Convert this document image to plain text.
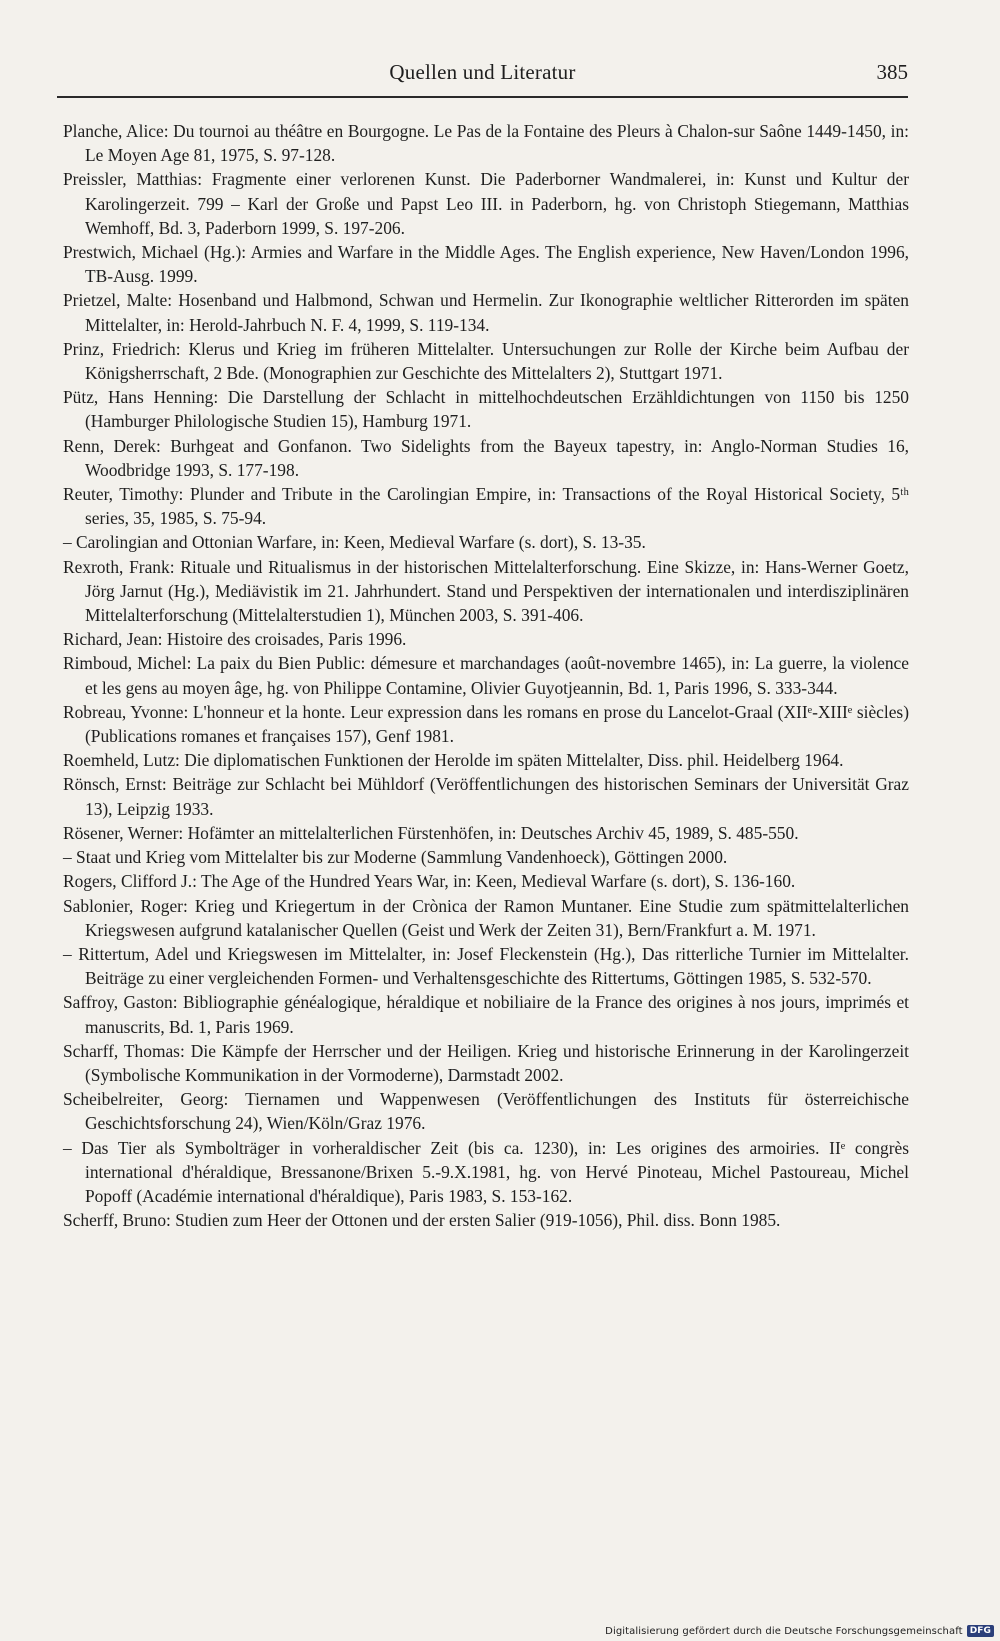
Quellen und Literatur	385

Planche, Alice: Du tournoi au théâtre en Bourgogne. Le Pas de la Fontaine des Pleurs à Chalon-sur Saône 1449-1450, in: Le Moyen Age 81, 1975, S. 97-128.

Preissler, Matthias: Fragmente einer verlorenen Kunst. Die Paderborner Wandmalerei, in: Kunst und Kultur der Karolingerzeit. 799 – Karl der Große und Papst Leo III. in Paderborn, hg. von Christoph Stiegemann, Matthias Wemhoff, Bd. 3, Paderborn 1999, S. 197-206.

Prestwich, Michael (Hg.): Armies and Warfare in the Middle Ages. The English experience, New Haven/London 1996, TB-Ausg. 1999.

Prietzel, Malte: Hosenband und Halbmond, Schwan und Hermelin. Zur Ikonographie weltlicher Ritterorden im späten Mittelalter, in: Herold-Jahrbuch N. F. 4, 1999, S. 119-134.

Prinz, Friedrich: Klerus und Krieg im früheren Mittelalter. Untersuchungen zur Rolle der Kirche beim Aufbau der Königsherrschaft, 2 Bde. (Monographien zur Geschichte des Mittelalters 2), Stuttgart 1971.

Pütz, Hans Henning: Die Darstellung der Schlacht in mittelhochdeutschen Erzähldichtungen von 1150 bis 1250 (Hamburger Philologische Studien 15), Hamburg 1971.

Renn, Derek: Burhgeat and Gonfanon. Two Sidelights from the Bayeux tapestry, in: Anglo-Norman Studies 16, Woodbridge 1993, S. 177-198.

Reuter, Timothy: Plunder and Tribute in the Carolingian Empire, in: Transactions of the Royal Historical Society, 5ᵗʰ series, 35, 1985, S. 75-94.

– Carolingian and Ottonian Warfare, in: Keen, Medieval Warfare (s. dort), S. 13-35.

Rexroth, Frank: Rituale und Ritualismus in der historischen Mittelalterforschung. Eine Skizze, in: Hans-Werner Goetz, Jörg Jarnut (Hg.), Mediävistik im 21. Jahrhundert. Stand und Perspektiven der internationalen und interdisziplinären Mittelalterforschung (Mittelalterstudien 1), München 2003, S. 391-406.

Richard, Jean: Histoire des croisades, Paris 1996.

Rimboud, Michel: La paix du Bien Public: démesure et marchandages (août-novembre 1465), in: La guerre, la violence et les gens au moyen âge, hg. von Philippe Contamine, Olivier Guyotjeannin, Bd. 1, Paris 1996, S. 333-344.

Robreau, Yvonne: L'honneur et la honte. Leur expression dans les romans en prose du Lancelot-Graal (XIIᵉ-XIIIᵉ siècles) (Publications romanes et françaises 157), Genf 1981.

Roemheld, Lutz: Die diplomatischen Funktionen der Herolde im späten Mittelalter, Diss. phil. Heidelberg 1964.

Rönsch, Ernst: Beiträge zur Schlacht bei Mühldorf (Veröffentlichungen des historischen Seminars der Universität Graz 13), Leipzig 1933.

Rösener, Werner: Hofämter an mittelalterlichen Fürstenhöfen, in: Deutsches Archiv 45, 1989, S. 485-550.

– Staat und Krieg vom Mittelalter bis zur Moderne (Sammlung Vandenhoeck), Göttingen 2000.

Rogers, Clifford J.: The Age of the Hundred Years War, in: Keen, Medieval Warfare (s. dort), S. 136-160.

Sablonier, Roger: Krieg und Kriegertum in der Crònica der Ramon Muntaner. Eine Studie zum spätmittelalterlichen Kriegswesen aufgrund katalanischer Quellen (Geist und Werk der Zeiten 31), Bern/Frankfurt a. M. 1971.

– Rittertum, Adel und Kriegswesen im Mittelalter, in: Josef Fleckenstein (Hg.), Das ritterliche Turnier im Mittelalter. Beiträge zu einer vergleichenden Formen- und Verhaltensgeschichte des Rittertums, Göttingen 1985, S. 532-570.

Saffroy, Gaston: Bibliographie généalogique, héraldique et nobiliaire de la France des origines à nos jours, imprimés et manuscrits, Bd. 1, Paris 1969.

Scharff, Thomas: Die Kämpfe der Herrscher und der Heiligen. Krieg und historische Erinnerung in der Karolingerzeit (Symbolische Kommunikation in der Vormoderne), Darmstadt 2002.

Scheibelreiter, Georg: Tiernamen und Wappenwesen (Veröffentlichungen des Instituts für österreichische Geschichtsforschung 24), Wien/Köln/Graz 1976.

– Das Tier als Symbolträger in vorheraldischer Zeit (bis ca. 1230), in: Les origines des armoiries. IIᵉ congrès international d'héraldique, Bressanone/Brixen 5.-9.X.1981, hg. von Hervé Pinoteau, Michel Pastoureau, Michel Popoff (Académie international d'héraldique), Paris 1983, S. 153-162.

Scherff, Bruno: Studien zum Heer der Ottonen und der ersten Salier (919-1056), Phil. diss. Bonn 1985.

Digitalisierung gefördert durch die Deutsche Forschungsgemeinschaft DFG
